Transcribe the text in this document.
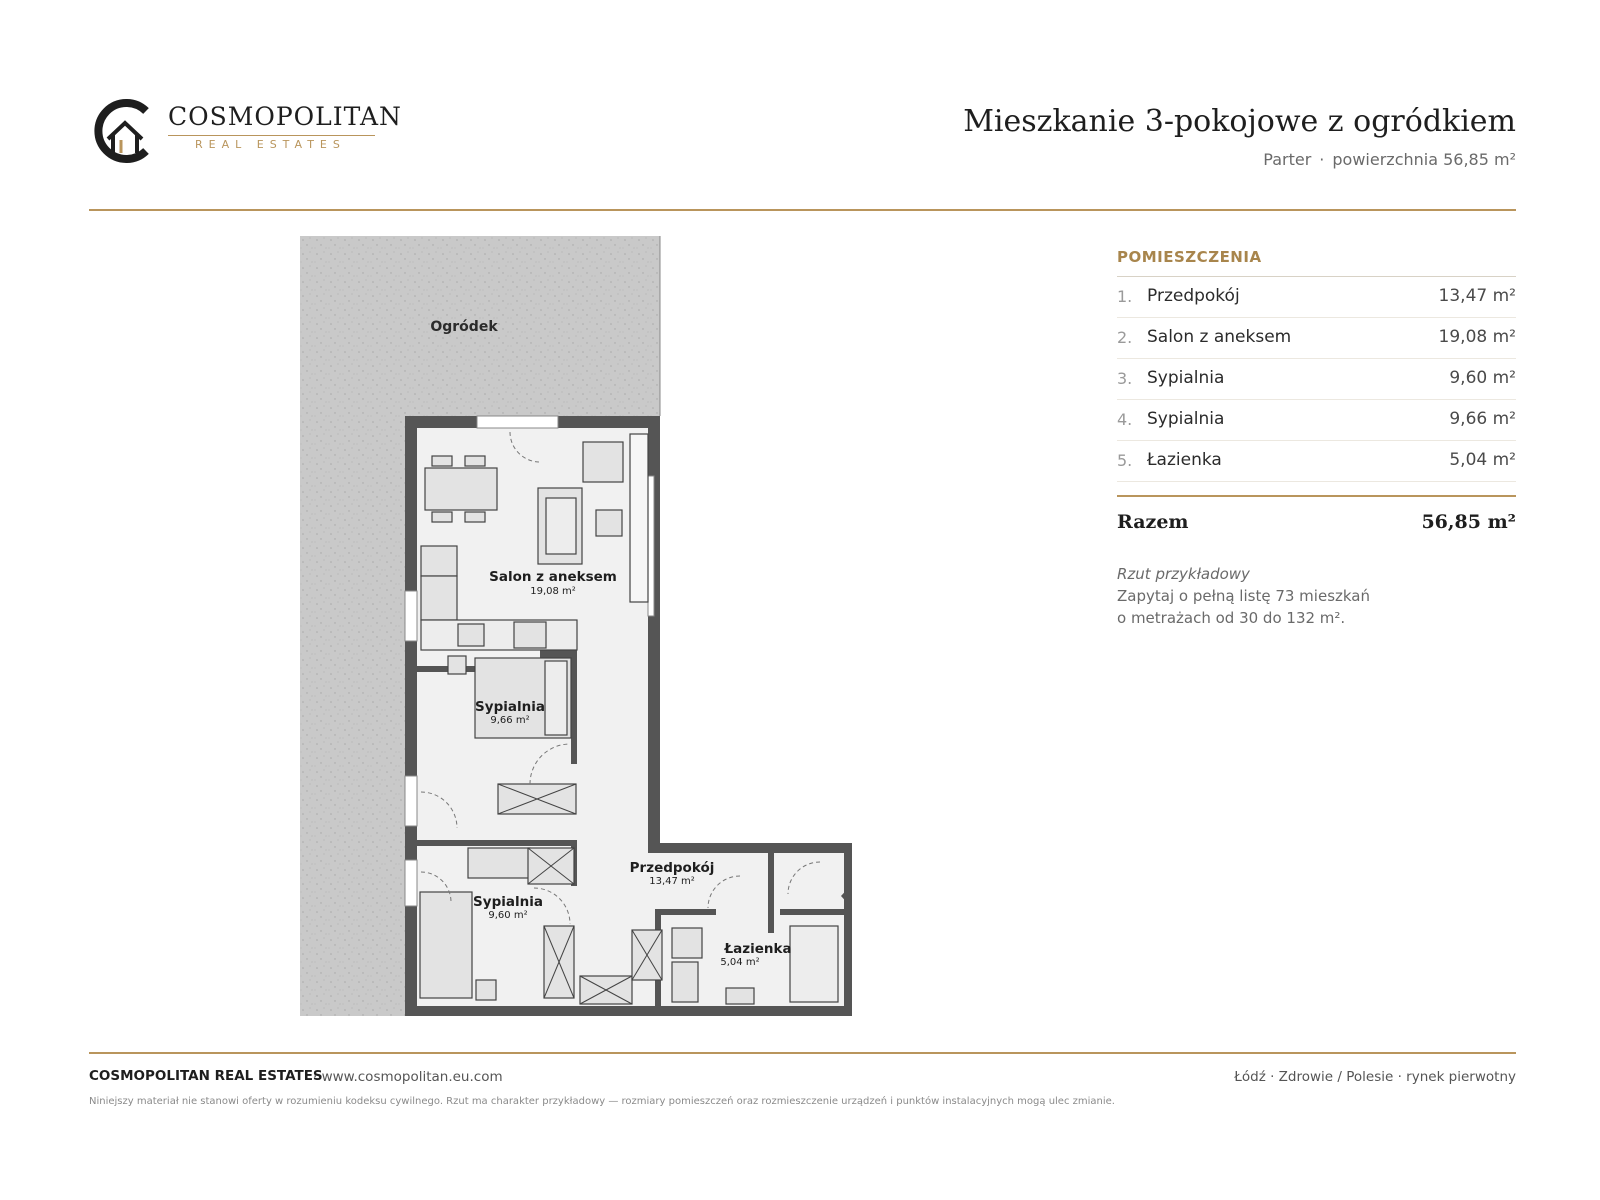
COSMOPOLITAN
REAL ESTATES
Mieszkanie 3-pokojowe z ogródkiem
Parter · powierzchnia 56,85 m²
Ogródek
Salon z aneksem
19,08 m²
Sypialnia
9,66 m²
Sypialnia
9,60 m²
Przedpokój
13,47 m²
Łazienka
5,04 m²
POMIESZCZENIA
1. Przedpokój	13,47 m²
2. Salon z aneksem	19,08 m²
3. Sypialnia	9,60 m²
4. Sypialnia	9,66 m²
5. Łazienka	5,04 m²
Razem	56,85 m²
Rzut przykładowy
Zapytaj o pełną listę 73 mieszkań
o metrażach od 30 do 132 m².
COSMOPOLITAN REAL ESTATES
· www.cosmopolitan.eu.com	Łódź · Zdrowie / Polesie · rynek pierwotny
Niniejszy materiał nie stanowi oferty w rozumieniu kodeksu cywilnego. Rzut ma charakter przykładowy — rozmiary pomieszczeń oraz rozmieszczenie urządzeń i punktów instalacyjnych mogą ulec zmianie.
